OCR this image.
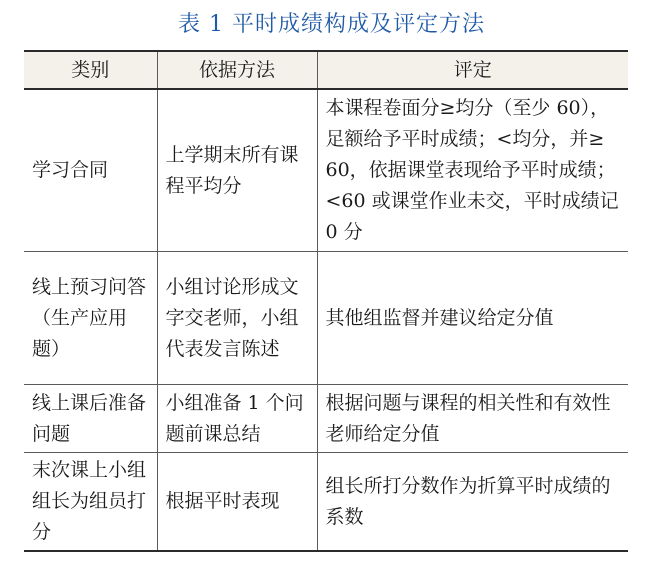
表 1 平时成绩构成及评定方法
类别	依据方法	评定
学习合同	上学期末所有课程平均分	本课程卷面分≥均分（至少 60），足额给予平时成绩；<均分，并≥ 60，依据课堂表现给予平时成绩；<60 或课堂作业未交，平时成绩记 0 分
线上预习问答（生产应用题）	小组讨论形成文字交老师，小组代表发言陈述	其他组监督并建议给定分值
线上课后准备问题	小组准备 1 个问题前课总结	根据问题与课程的相关性和有效性老师给定分值
末次课上小组组长为组员打分	根据平时表现	组长所打分数作为折算平时成绩的系数
